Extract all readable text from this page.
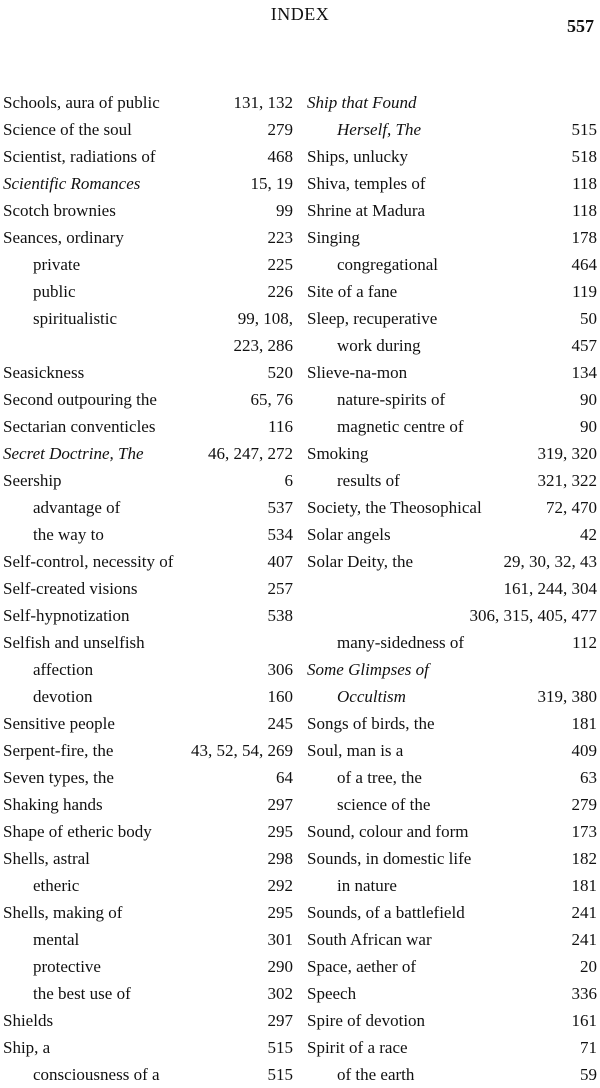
INDEX
557
Schools, aura of public	131, 132
Science of the soul	279
Scientist, radiations of	468
Scientific Romances	15, 19
Scotch brownies	99
Seances, ordinary	223
private	225
public	226
spiritualistic	99, 108,
223, 286
Seasickness	520
Second outpouring the	65, 76
Sectarian conventicles	116
Secret Doctrine, The	46, 247, 272
Seership	6
advantage of	537
the way to	534
Self-control, necessity of	407
Self-created visions	257
Self-hypnotization	538
Selfish and unselfish
affection	306
devotion	160
Sensitive people	245
Serpent-fire, the	43, 52, 54, 269
Seven types, the	64
Shaking hands	297
Shape of etheric body	295
Shells, astral	298
etheric	292
Shells, making of	295
mental	301
protective	290
the best use of	302
Shields	297
Ship, a	515
consciousness of a	515
Ship that Found
Herself, The	515
Ships, unlucky	518
Shiva, temples of	118
Shrine at Madura	118
Singing	178
congregational	464
Site of a fane	119
Sleep, recuperative	50
work during	457
Slieve-na-mon	134
nature-spirits of	90
magnetic centre of	90
Smoking	319, 320
results of	321, 322
Society, the Theosophical	72, 470
Solar angels	42
Solar Deity, the	29, 30, 32, 43
161, 244, 304
306, 315, 405, 477
many-sidedness of	112
Some Glimpses of
Occultism	319, 380
Songs of birds, the	181
Soul, man is a	409
of a tree, the	63
science of the	279
Sound, colour and form	173
Sounds, in domestic life	182
in nature	181
Sounds, of a battlefield	241
South African war	241
Space, aether of	20
Speech	336
Spire of devotion	161
Spirit of a race	71
of the earth	59
